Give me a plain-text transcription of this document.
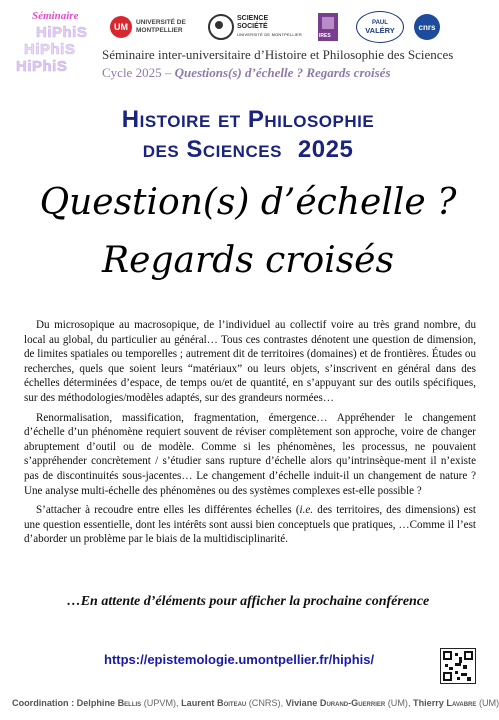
Séminaire
HiPhiS
HiPhiS
HiPhiS
UM	UNIVERSITÉ DE
MONTPELLIER
SCIENCE
SOCIÉTÉ
UNIVERSITÉ DE MONTPELLIER
IRES
PAUL
VALÉRY	cnrs
Séminaire inter-universitaire d’Histoire et Philosophie des Sciences
Cycle 2025 – Questions(s) d’échelle ? Regards croisés
Histoire et Philosophie
des Sciences 2025
Question(s) d’échelle ?
Regards croisés

Du microsopique au macrosopique, de l’individuel au collectif voire au très grand nombre, du local au global, du particulier au général… Tous ces contrastes dénotent une question de dimension, de limites spatiales ou temporelles ; autrement dit de territoires (domaines) et de frontières. Études ou recherches, quels que soient leurs “matériaux” ou leurs objets, s’inscrivent en général dans des échelles déterminées d’espace, de temps ou/et de quantité, en s’appuyant sur des outils spécifiques, sur des méthodologies/modèles adaptés, sur des grandeurs normées…

Renormalisation, massification, fragmentation, émergence… Appréhender le changement d’échelle d’un phénomène requiert souvent de réviser complètement son approche, voire de changer abruptement d’outil ou de modèle. Comme si les phénomènes, les processus, ne pouvaient s’appréhender concrètement / s’étudier sans rupture d’échelle alors qu’intrinsèque-ment il n’existe pas de discontinuités sous-jacentes… Le changement d’échelle induit-il un changement de nature ? Une analyse multi-échelle des phénomènes ou des systèmes complexes est-elle possible ?

S’attacher à recoudre entre elles les différentes échelles (i.e. des territoires, des dimensions) est une question essentielle, dont les intérêts sont aussi bien conceptuels que pratiques, …Comme il l’est d’aborder un problème par le biais de la multidisciplinarité.

…En attente d’éléments pour afficher la prochaine conférence
https://epistemologie.umontpellier.fr/hiphis/
Coordination : Delphine Bellis (UPVM), Laurent Boiteau (CNRS), Viviane Durand-Guerrier (UM), Thierry Lavabre (UM)
